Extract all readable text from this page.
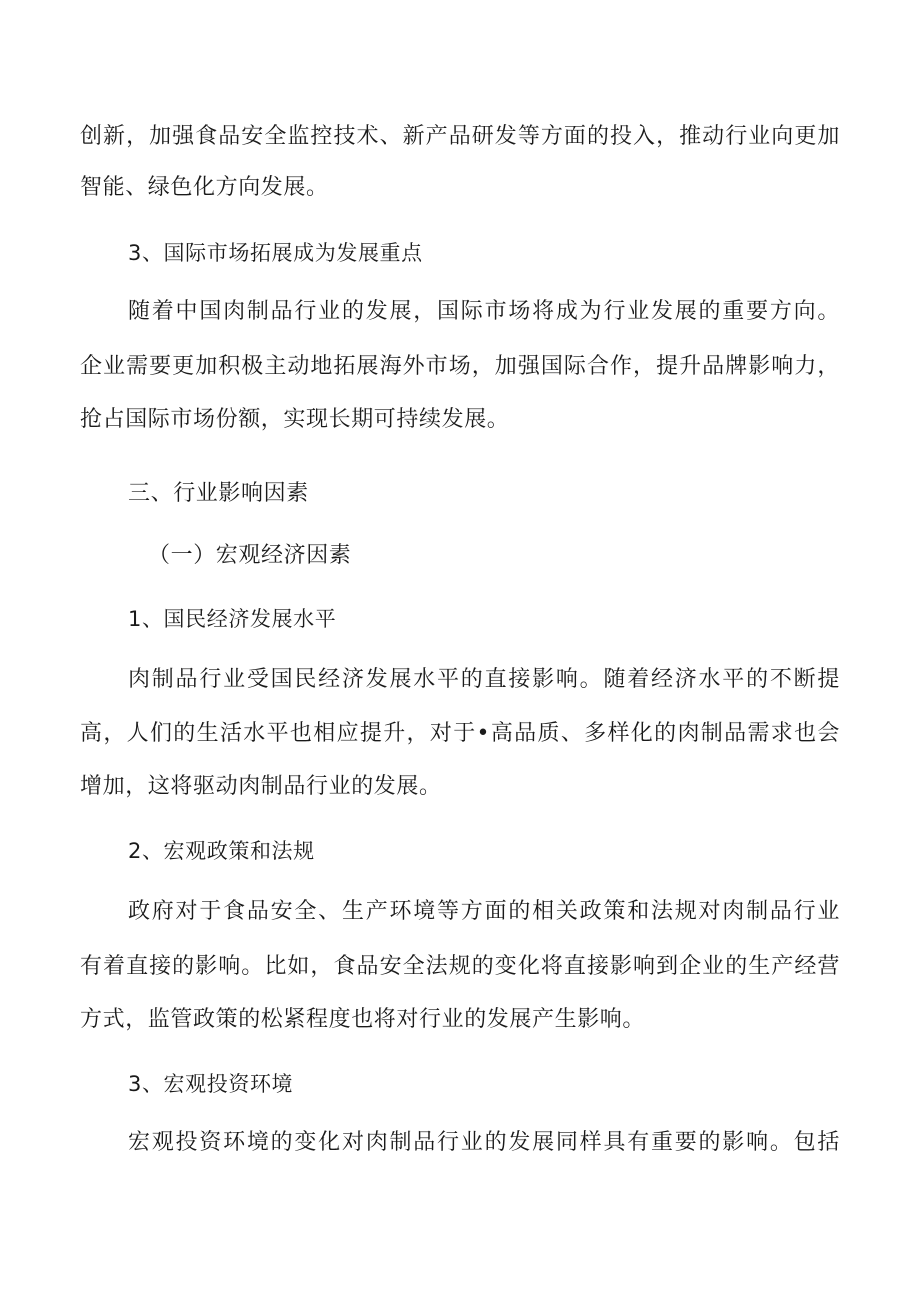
创新，加强食品安全监控技术、新产品研发等方面的投入，推动行业向更加
智能、绿色化方向发展。
3、国际市场拓展成为发展重点
随着中国肉制品行业的发展，国际市场将成为行业发展的重要方向。
企业需要更加积极主动地拓展海外市场，加强国际合作，提升品牌影响力，
抢占国际市场份额，实现长期可持续发展。
三、行业影响因素
（一）宏观经济因素
1、国民经济发展水平
肉制品行业受国民经济发展水平的直接影响。随着经济水平的不断提
高，人们的生活水平也相应提升，对于•高品质、多样化的肉制品需求也会
增加，这将驱动肉制品行业的发展。
2、宏观政策和法规
政府对于食品安全、生产环境等方面的相关政策和法规对肉制品行业
有着直接的影响。比如，食品安全法规的变化将直接影响到企业的生产经营
方式，监管政策的松紧程度也将对行业的发展产生影响。
3、宏观投资环境
宏观投资环境的变化对肉制品行业的发展同样具有重要的影响。包括
